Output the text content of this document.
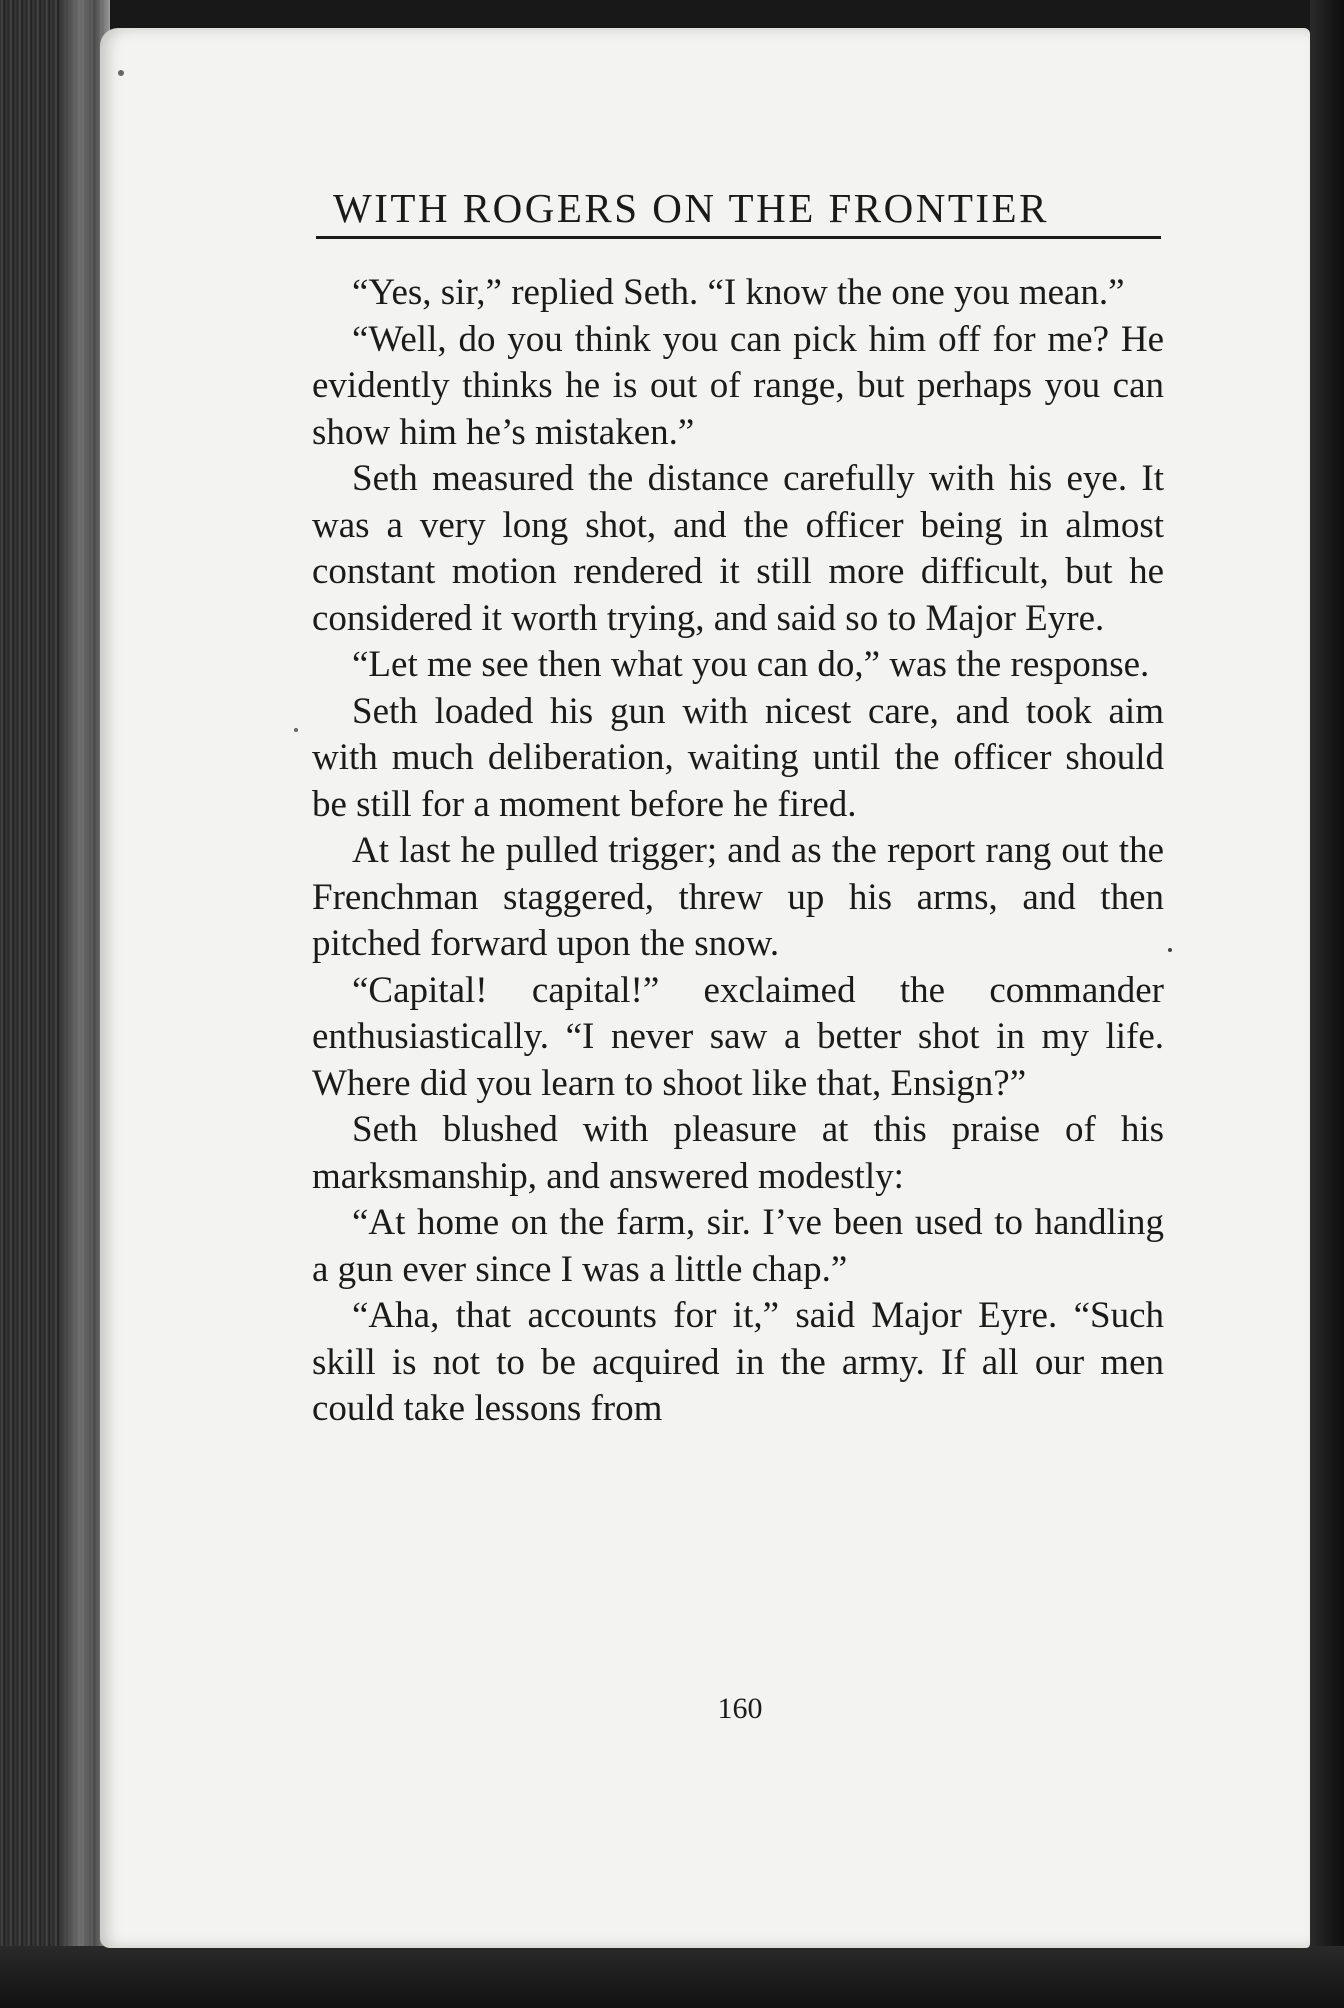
WITH ROGERS ON THE FRONTIER

“Yes, sir,” replied Seth. “I know the one you mean.”

“Well, do you think you can pick him off for me? He evidently thinks he is out of range, but perhaps you can show him he’s mistaken.”

Seth measured the distance carefully with his eye. It was a very long shot, and the officer being in almost constant motion rendered it still more difficult, but he considered it worth trying, and said so to Major Eyre.

“Let me see then what you can do,” was the response.

Seth loaded his gun with nicest care, and took aim with much deliberation, waiting until the officer should be still for a moment before he fired.

At last he pulled trigger; and as the report rang out the Frenchman staggered, threw up his arms, and then pitched forward upon the snow.

“Capital! capital!” exclaimed the commander enthusiastically. “I never saw a better shot in my life. Where did you learn to shoot like that, Ensign?”

Seth blushed with pleasure at this praise of his marksmanship, and answered modestly:

“At home on the farm, sir. I’ve been used to handling a gun ever since I was a little chap.”

“Aha, that accounts for it,” said Major Eyre. “Such skill is not to be acquired in the army. If all our men could take lessons from

160
